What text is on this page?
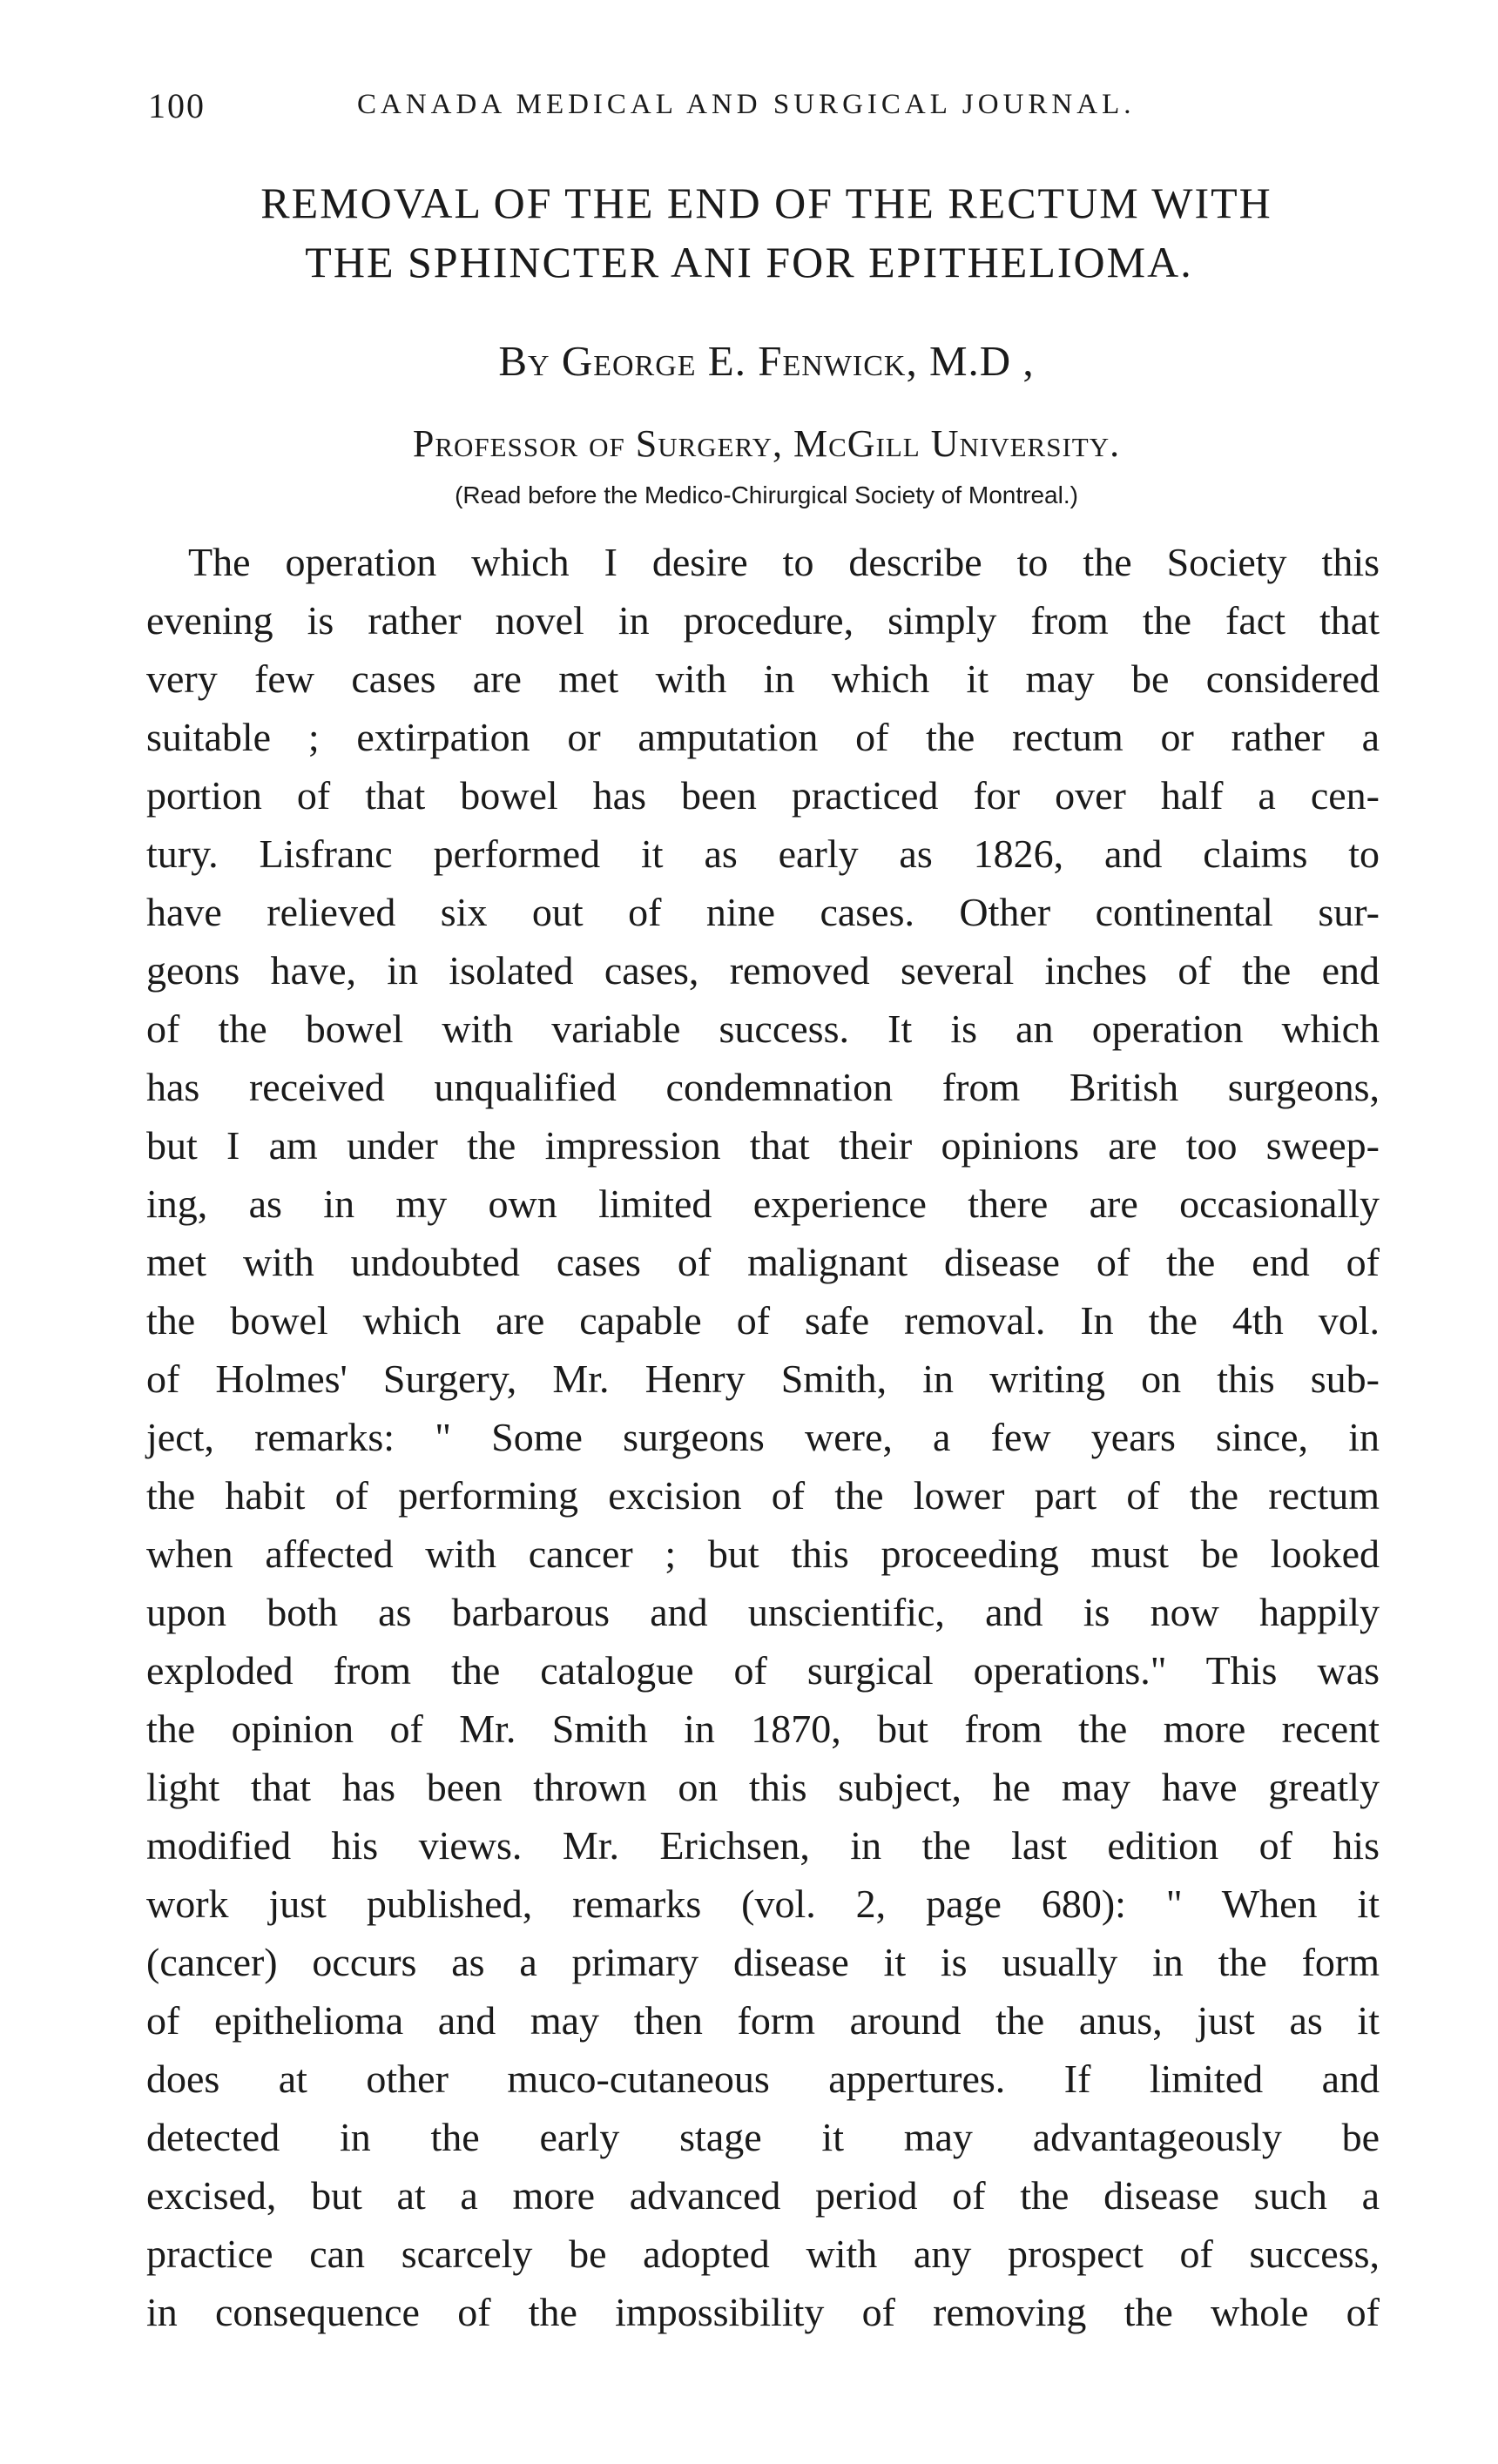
100	CANADA MEDICAL AND SURGICAL JOURNAL.
REMOVAL OF THE END OF THE RECTUM WITH
THE SPHINCTER ANI FOR EPITHELIOMA.
By George E. Fenwick, M.D ,
Professor of Surgery, McGill University.
(Read before the Medico-Chirurgical Society of Montreal.)
The operation which I desire to describe to the Society this
evening is rather novel in procedure, simply from the fact that
very few cases are met with in which it may be considered
suitable ; extirpation or amputation of the rectum or rather a
portion of that bowel has been practiced for over half a cen-
tury. Lisfranc performed it as early as 1826, and claims to
have relieved six out of nine cases. Other continental sur-
geons have, in isolated cases, removed several inches of the end
of the bowel with variable success. It is an operation which
has received unqualified condemnation from British surgeons,
but I am under the impression that their opinions are too sweep-
ing, as in my own limited experience there are occasionally
met with undoubted cases of malignant disease of the end of
the bowel which are capable of safe removal. In the 4th vol.
of Holmes' Surgery, Mr. Henry Smith, in writing on this sub-
ject, remarks: " Some surgeons were, a few years since, in
the habit of performing excision of the lower part of the rectum
when affected with cancer ; but this proceeding must be looked
upon both as barbarous and unscientific, and is now happily
exploded from the catalogue of surgical operations." This was
the opinion of Mr. Smith in 1870, but from the more recent
light that has been thrown on this subject, he may have greatly
modified his views. Mr. Erichsen, in the last edition of his
work just published, remarks (vol. 2, page 680): " When it
(cancer) occurs as a primary disease it is usually in the form
of epithelioma and may then form around the anus, just as it
does at other muco-cutaneous appertures. If limited and
detected in the early stage it may advantageously be
excised, but at a more advanced period of the disease such a
practice can scarcely be adopted with any prospect of success,
in consequence of the impossibility of removing the whole of
